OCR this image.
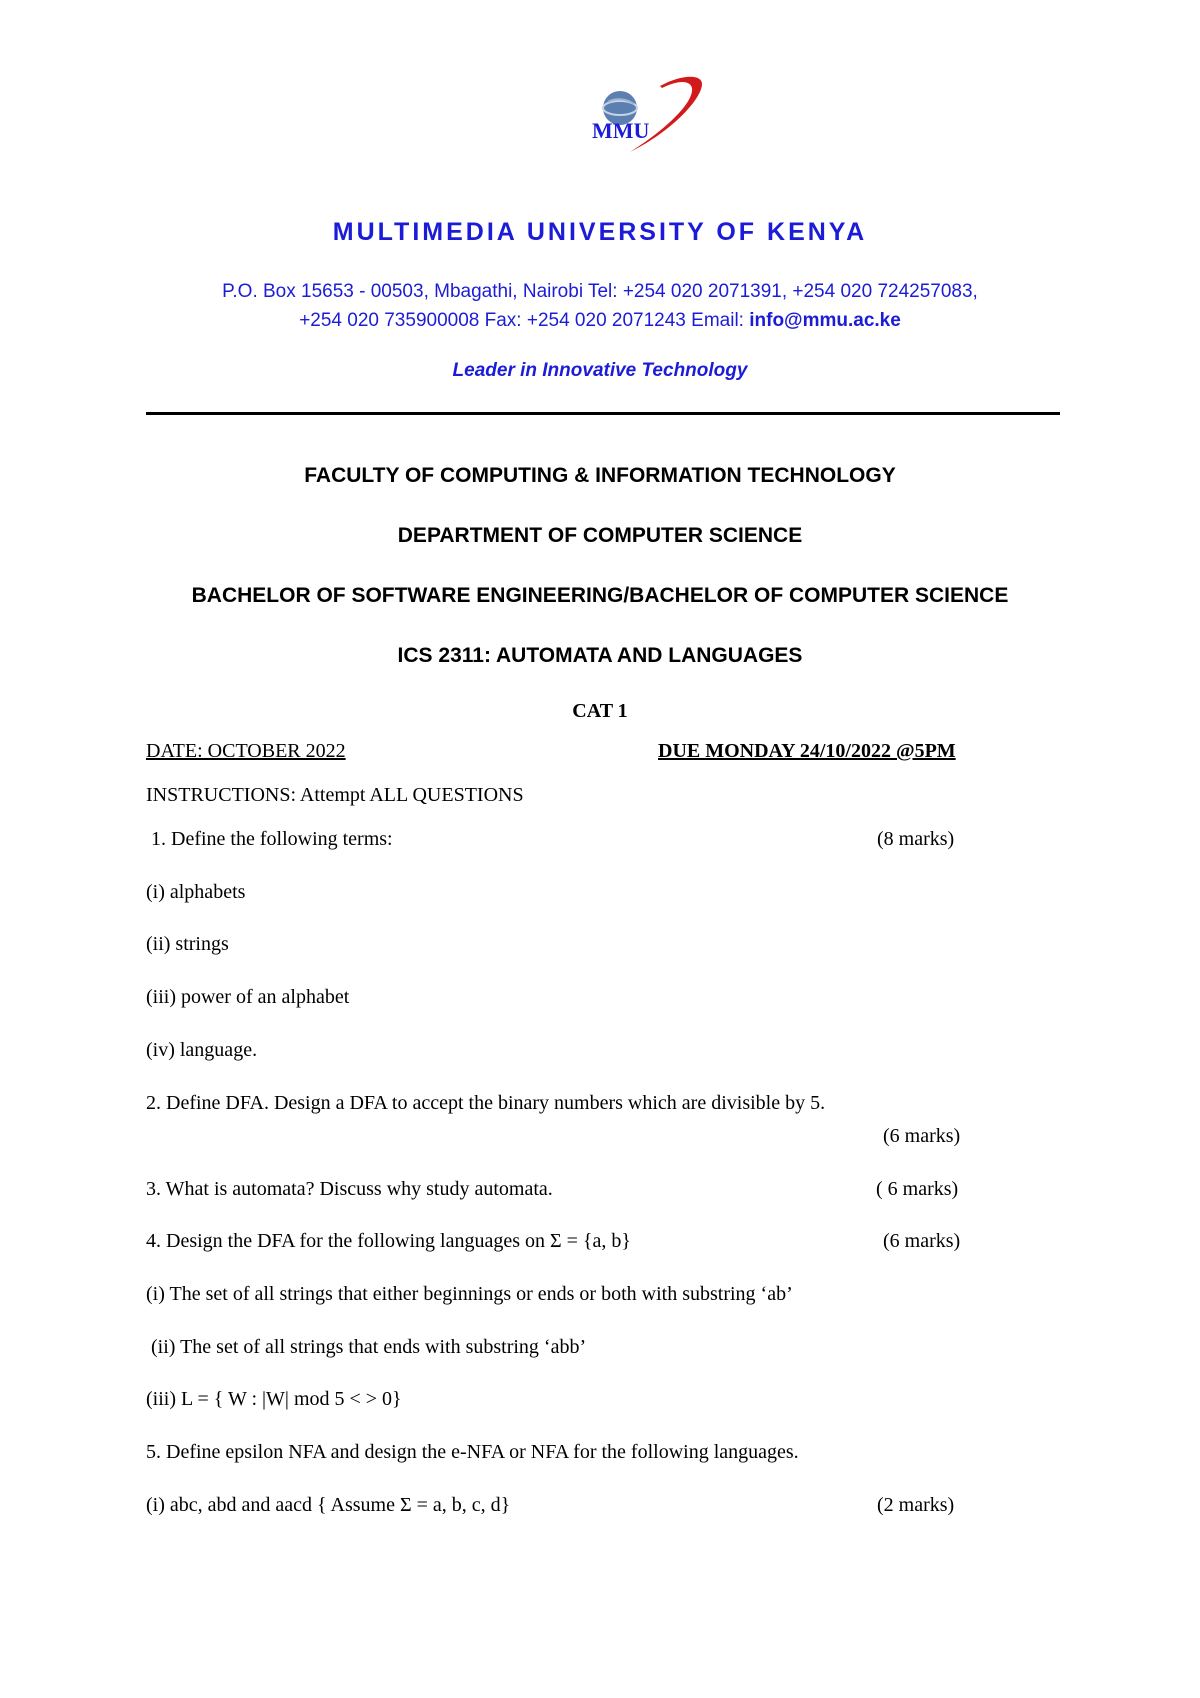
MMU
MULTIMEDIA UNIVERSITY OF KENYA
P.O. Box 15653 - 00503, Mbagathi, Nairobi Tel: +254 020 2071391, +254 020 724257083,
+254 020 735900008 Fax: +254 020 2071243 Email: info@mmu.ac.ke
Leader in Innovative Technology
FACULTY OF COMPUTING & INFORMATION TECHNOLOGY
DEPARTMENT OF COMPUTER SCIENCE
BACHELOR OF SOFTWARE ENGINEERING/BACHELOR OF COMPUTER SCIENCE
ICS 2311: AUTOMATA AND LANGUAGES
CAT 1
DATE: OCTOBER 2022	DUE MONDAY 24/10/2022 @5PM
INSTRUCTIONS: Attempt ALL QUESTIONS
1. Define the following terms:	(8 marks)
(i) alphabets
(ii) strings
(iii) power of an alphabet
(iv) language.
2. Define DFA. Design a DFA to accept the binary numbers which are divisible by 5.
(6 marks)
3. What is automata? Discuss why study automata.	( 6 marks)
4. Design the DFA for the following languages on Σ = {a, b}	(6 marks)
(i) The set of all strings that either beginnings or ends or both with substring ‘ab’
(ii) The set of all strings that ends with substring ‘abb’
(iii) L = { W : |W| mod 5 < > 0}
5. Define epsilon NFA and design the e-NFA or NFA for the following languages.
(i) abc, abd and aacd { Assume Σ = a, b, c, d}	(2 marks)
